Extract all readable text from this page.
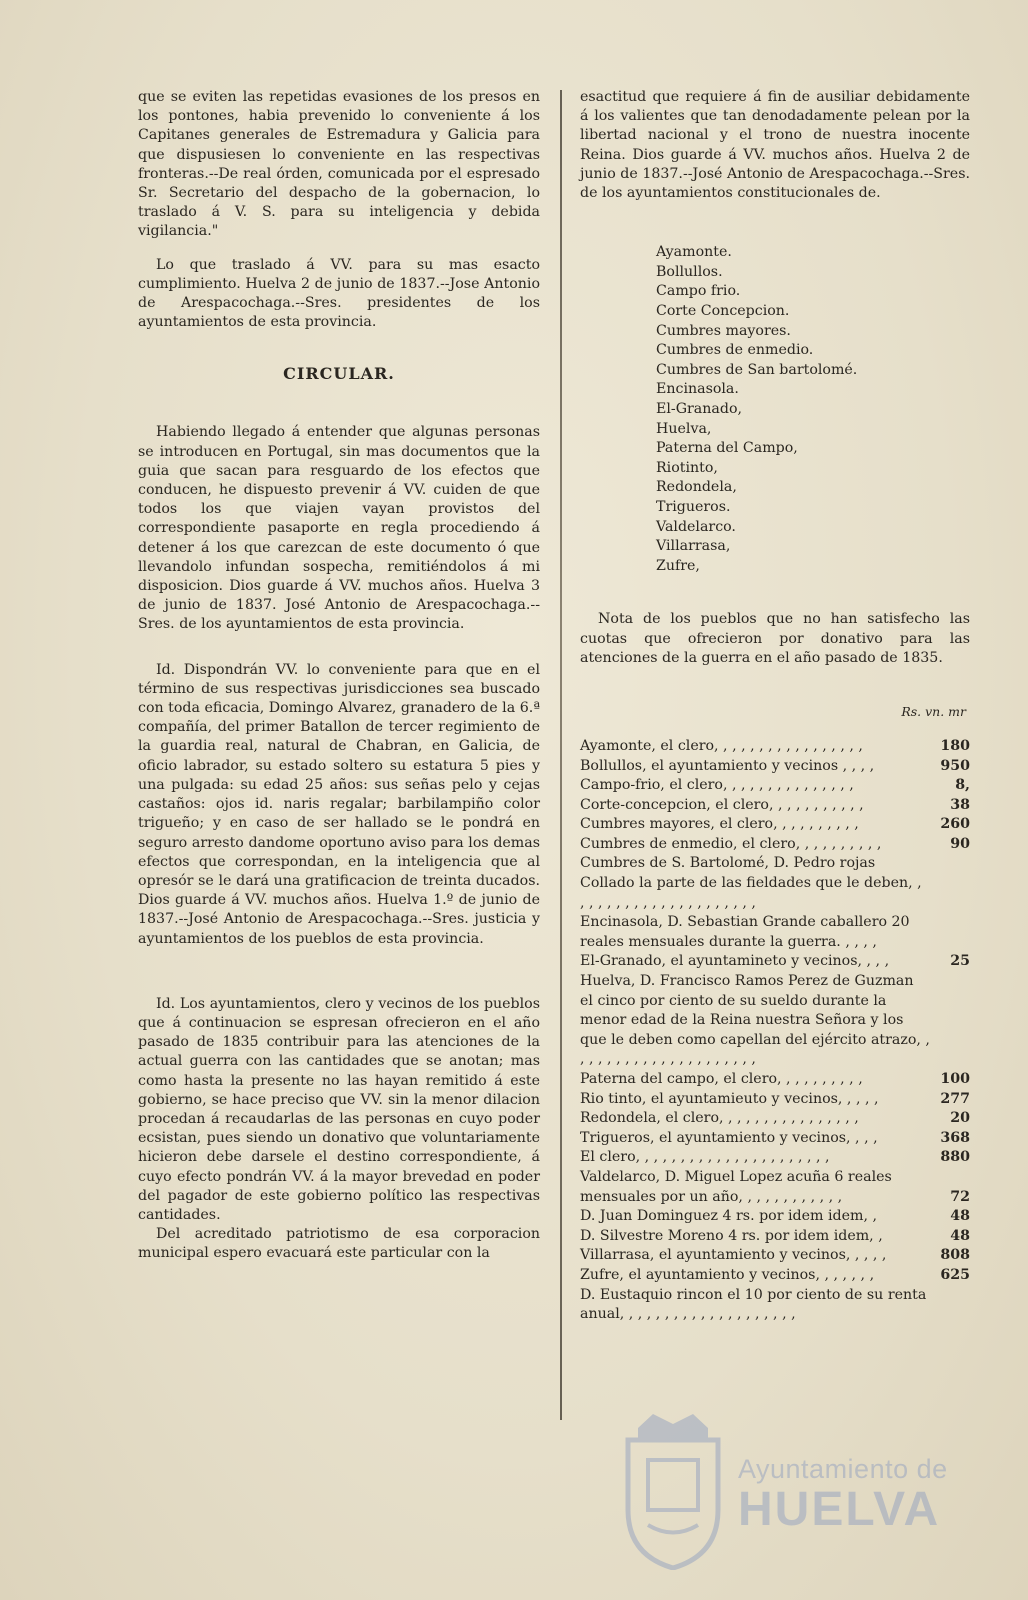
que se eviten las repetidas evasiones de los presos en los pontones, habia prevenido lo conveniente á los Capitanes generales de Estremadura y Galicia para que dispusiesen lo conveniente en las respectivas fronteras.--De real órden, comunicada por el espresado Sr. Secretario del despacho de la gobernacion, lo traslado á V. S. para su inteligencia y debida vigilancia."

Lo que traslado á VV. para su mas esacto cumplimiento. Huelva 2 de junio de 1837.--Jose Antonio de Arespacochaga.--Sres. presidentes de los ayuntamientos de esta provincia.

CIRCULAR.

Habiendo llegado á entender que algunas personas se introducen en Portugal, sin mas documentos que la guia que sacan para resguardo de los efectos que conducen, he dispuesto prevenir á VV. cuiden de que todos los que viajen vayan provistos del correspondiente pasaporte en regla procediendo á detener á los que carezcan de este documento ó que llevandolo infundan sospecha, remitiéndolos á mi disposicion. Dios guarde á VV. muchos años. Huelva 3 de junio de 1837. José Antonio de Arespacochaga.--Sres. de los ayuntamientos de esta provincia.

Id. Dispondrán VV. lo conveniente para que en el término de sus respectivas jurisdicciones sea buscado con toda eficacia, Domingo Alvarez, granadero de la 6.ª compañía, del primer Batallon de tercer regimiento de la guardia real, natural de Chabran, en Galicia, de oficio labrador, su estado soltero su estatura 5 pies y una pulgada: su edad 25 años: sus señas pelo y cejas castaños: ojos id. naris regalar; barbilampiño color trigueño; y en caso de ser hallado se le pondrá en seguro arresto dandome oportuno aviso para los demas efectos que correspondan, en la inteligencia que al opresór se le dará una gratificacion de treinta ducados. Dios guarde á VV. muchos años. Huelva 1.º de junio de 1837.--José Antonio de Arespacochaga.--Sres. justicia y ayuntamientos de los pueblos de esta provincia.

Id. Los ayuntamientos, clero y vecinos de los pueblos que á continuacion se espresan ofrecieron en el año pasado de 1835 contribuir para las atenciones de la actual guerra con las cantidades que se anotan; mas como hasta la presente no las hayan remitido á este gobierno, se hace preciso que VV. sin la menor dilacion procedan á recaudarlas de las personas en cuyo poder ecsistan, pues siendo un donativo que voluntariamente hicieron debe darsele el destino correspondiente, á cuyo efecto pondrán VV. á la mayor brevedad en poder del pagador de este gobierno político las respectivas cantidades.

Del acreditado patriotismo de esa corporacion municipal espero evacuará este particular con la

esactitud que requiere á fin de ausiliar debidamente á los valientes que tan denodadamente pelean por la libertad nacional y el trono de nuestra inocente Reina. Dios guarde á VV. muchos años. Huelva 2 de junio de 1837.--José Antonio de Arespacochaga.--Sres. de los ayuntamientos constitucionales de.

Ayamonte.
Bollullos.
Campo frio.
Corte Concepcion.
Cumbres mayores.
Cumbres de enmedio.
Cumbres de San bartolomé.
Encinasola.
El-Granado,
Huelva,
Paterna del Campo,
Riotinto,
Redondela,
Trigueros.
Valdelarco.
Villarrasa,
Zufre,

Nota de los pueblos que no han satisfecho las cuotas que ofrecieron por donativo para las atenciones de la guerra en el año pasado de 1835.

Rs. vn. mr
Ayamonte, el clero, , , , , , , , , , , , , , , , ,	180
Bollullos, el ayuntamiento y vecinos , , , ,	950
Campo-frio, el clero, , , , , , , , , , , , , , ,	8,
Corte-concepcion, el clero, , , , , , , , , , ,	38
Cumbres mayores, el clero, , , , , , , , , ,	260
Cumbres de enmedio, el clero, , , , , , , , , ,	90
Cumbres de S. Bartolomé, D. Pedro rojas Collado la parte de las fieldades que le deben, , , , , , , , , , , , , , , , , , , , , ,
Encinasola, D. Sebastian Grande caballero 20 reales mensuales durante la guerra. , , , ,
El-Granado, el ayuntamineto y vecinos, , , ,	25
Huelva, D. Francisco Ramos Perez de Guzman el cinco por ciento de su sueldo durante la menor edad de la Reina nuestra Señora y los que le deben como capellan del ejército atrazo, , , , , , , , , , , , , , , , , , , , , ,
Paterna del campo, el clero, , , , , , , , , ,	100
Rio tinto, el ayuntamieuto y vecinos, , , , ,	277
Redondela, el clero, , , , , , , , , , , , , , , ,	20
Trigueros, el ayuntamiento y vecinos, , , ,	368
El clero, , , , , , , , , , , , , , , , , , , , , ,	880
Valdelarco, D. Miguel Lopez acuña 6 reales mensuales por un año, , , , , , , , , , , ,	72
D. Juan Dominguez 4 rs. por idem idem, ,	48
D. Silvestre Moreno 4 rs. por idem idem, ,	48
Villarrasa, el ayuntamiento y vecinos, , , , ,	808
Zufre, el ayuntamiento y vecinos, , , , , , ,	625
D. Eustaquio rincon el 10 por ciento de su renta anual, , , , , , , , , , , , , , , , , , , ,
Ayuntamiento de
HUELVA
